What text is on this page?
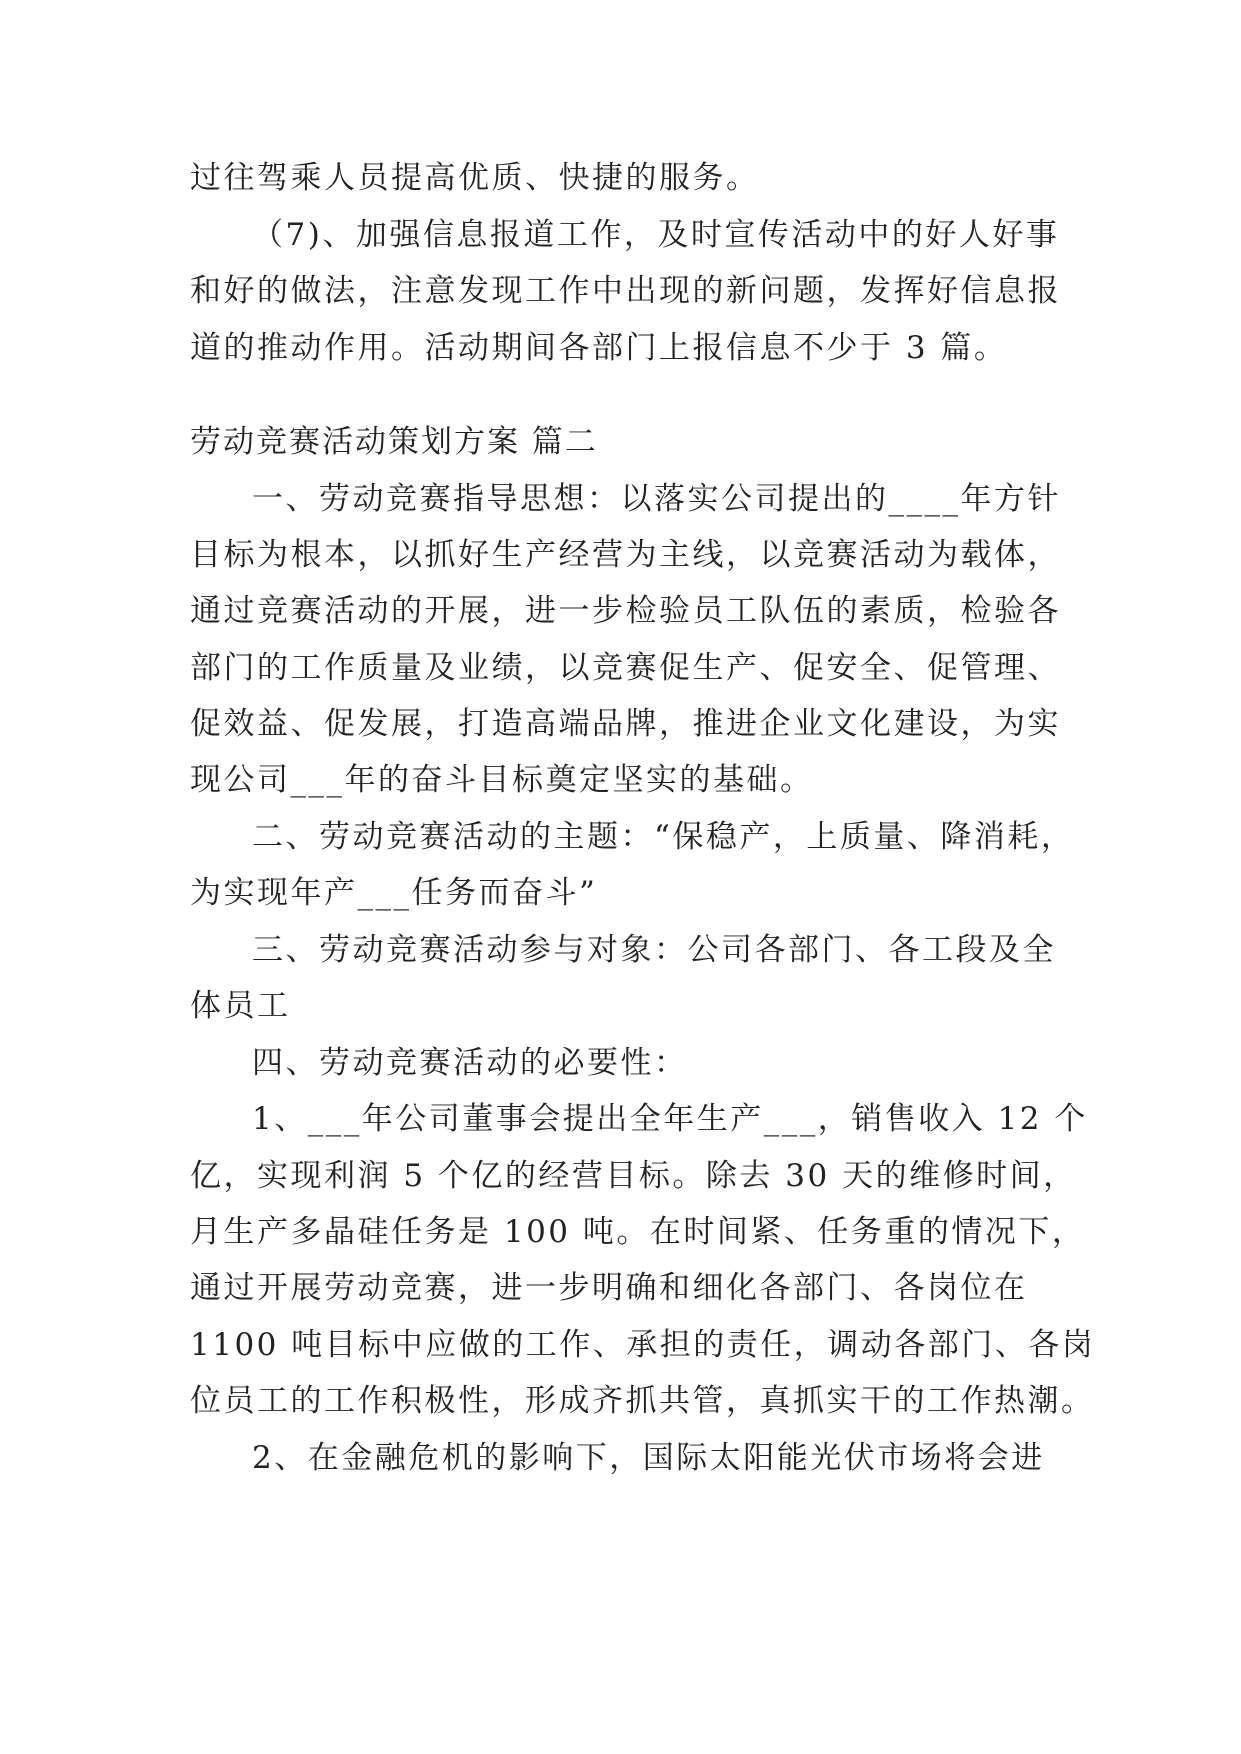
过往驾乘人员提高优质、快捷的服务。
（7)、加强信息报道工作，及时宣传活动中的好人好事
和好的做法，注意发现工作中出现的新问题，发挥好信息报
道的推动作用。活动期间各部门上报信息不少于 3 篇。
劳动竞赛活动策划方案 篇二
一、劳动竞赛指导思想：以落实公司提出的____年方针
目标为根本，以抓好生产经营为主线，以竞赛活动为载体，
通过竞赛活动的开展，进一步检验员工队伍的素质，检验各
部门的工作质量及业绩，以竞赛促生产、促安全、促管理、
促效益、促发展，打造高端品牌，推进企业文化建设，为实
现公司___年的奋斗目标奠定坚实的基础。
二、劳动竞赛活动的主题：“保稳产，上质量、降消耗，
为实现年产___任务而奋斗”
三、劳动竞赛活动参与对象：公司各部门、各工段及全
体员工
四、劳动竞赛活动的必要性：
1、___年公司董事会提出全年生产___，销售收入 12 个
亿，实现利润 5 个亿的经营目标。除去 30 天的维修时间，
月生产多晶硅任务是 100 吨。在时间紧、任务重的情况下，
通过开展劳动竞赛，进一步明确和细化各部门、各岗位在
1100 吨目标中应做的工作、承担的责任，调动各部门、各岗
位员工的工作积极性，形成齐抓共管，真抓实干的工作热潮。
2、在金融危机的影响下，国际太阳能光伏市场将会进
